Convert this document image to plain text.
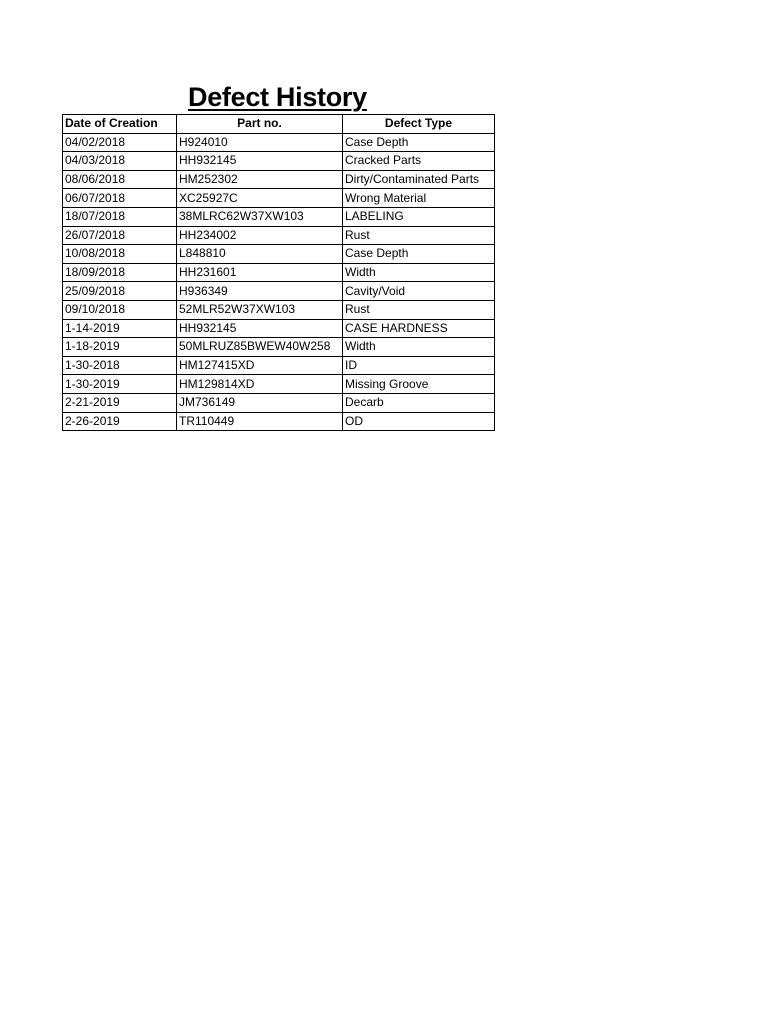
Defect History
Date of Creation	Part no.	Defect Type
04/02/2018	H924010	Case Depth
04/03/2018	HH932145	Cracked Parts
08/06/2018	HM252302	Dirty/Contaminated Parts
06/07/2018	XC25927C	Wrong Material
18/07/2018	38MLRC62W37XW103	LABELING
26/07/2018	HH234002	Rust
10/08/2018	L848810	Case Depth
18/09/2018	HH231601	Width
25/09/2018	H936349	Cavity/Void
09/10/2018	52MLR52W37XW103	Rust
1-14-2019	HH932145	CASE HARDNESS
1-18-2019	50MLRUZ85BWEW40W258	Width
1-30-2018	HM127415XD	ID
1-30-2019	HM129814XD	Missing Groove
2-21-2019	JM736149	Decarb
2-26-2019	TR110449	OD
